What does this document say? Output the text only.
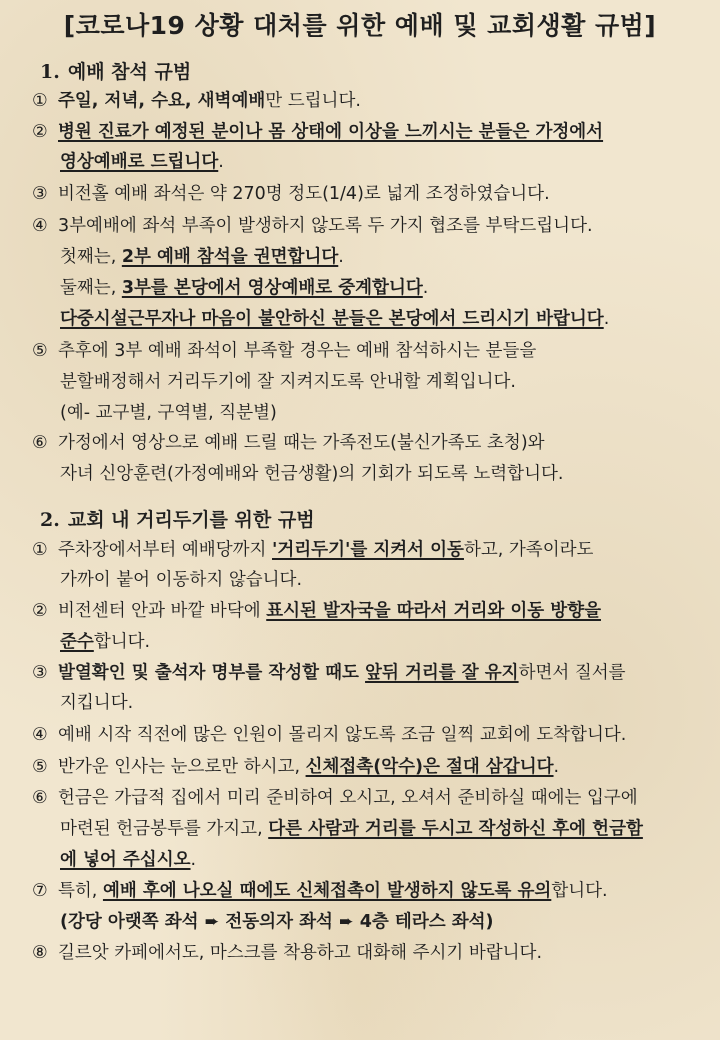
[코로나19 상황 대처를 위한 예배 및 교회생활 규범]
1. 예배 참석 규범
① 주일, 저녁, 수요, 새벽예배만 드립니다.
② 병원 진료가 예정된 분이나 몸 상태에 이상을 느끼시는 분들은 가정에서
영상예배로 드립니다.
③ 비전홀 예배 좌석은 약 270명 정도(1/4)로 넓게 조정하였습니다.
④ 3부예배에 좌석 부족이 발생하지 않도록 두 가지 협조를 부탁드립니다.
첫째는, 2부 예배 참석을 권면합니다.
둘째는, 3부를 본당에서 영상예배로 중계합니다.
다중시설근무자나 마음이 불안하신 분들은 본당에서 드리시기 바랍니다.
⑤ 추후에 3부 예배 좌석이 부족할 경우는 예배 참석하시는 분들을
분할배정해서 거리두기에 잘 지켜지도록 안내할 계획입니다.
(예- 교구별, 구역별, 직분별)
⑥ 가정에서 영상으로 예배 드릴 때는 가족전도(불신가족도 초청)와
자녀 신앙훈련(가정예배와 헌금생활)의 기회가 되도록 노력합니다.
2. 교회 내 거리두기를 위한 규범
① 주차장에서부터 예배당까지 '거리두기'를 지켜서 이동하고, 가족이라도
가까이 붙어 이동하지 않습니다.
② 비전센터 안과 바깥 바닥에 표시된 발자국을 따라서 거리와 이동 방향을
준수합니다.
③ 발열확인 및 출석자 명부를 작성할 때도 앞뒤 거리를 잘 유지하면서 질서를
지킵니다.
④ 예배 시작 직전에 많은 인원이 몰리지 않도록 조금 일찍 교회에 도착합니다.
⑤ 반가운 인사는 눈으로만 하시고, 신체접촉(악수)은 절대 삼갑니다.
⑥ 헌금은 가급적 집에서 미리 준비하여 오시고, 오셔서 준비하실 때에는 입구에
마련된 헌금봉투를 가지고, 다른 사람과 거리를 두시고 작성하신 후에 헌금함
에 넣어 주십시오.
⑦ 특히, 예배 후에 나오실 때에도 신체접촉이 발생하지 않도록 유의합니다.
(강당 아랫쪽 좌석 ➨ 전동의자 좌석 ➨ 4층 테라스 좌석)
⑧ 길르앗 카페에서도, 마스크를 착용하고 대화해 주시기 바랍니다.
